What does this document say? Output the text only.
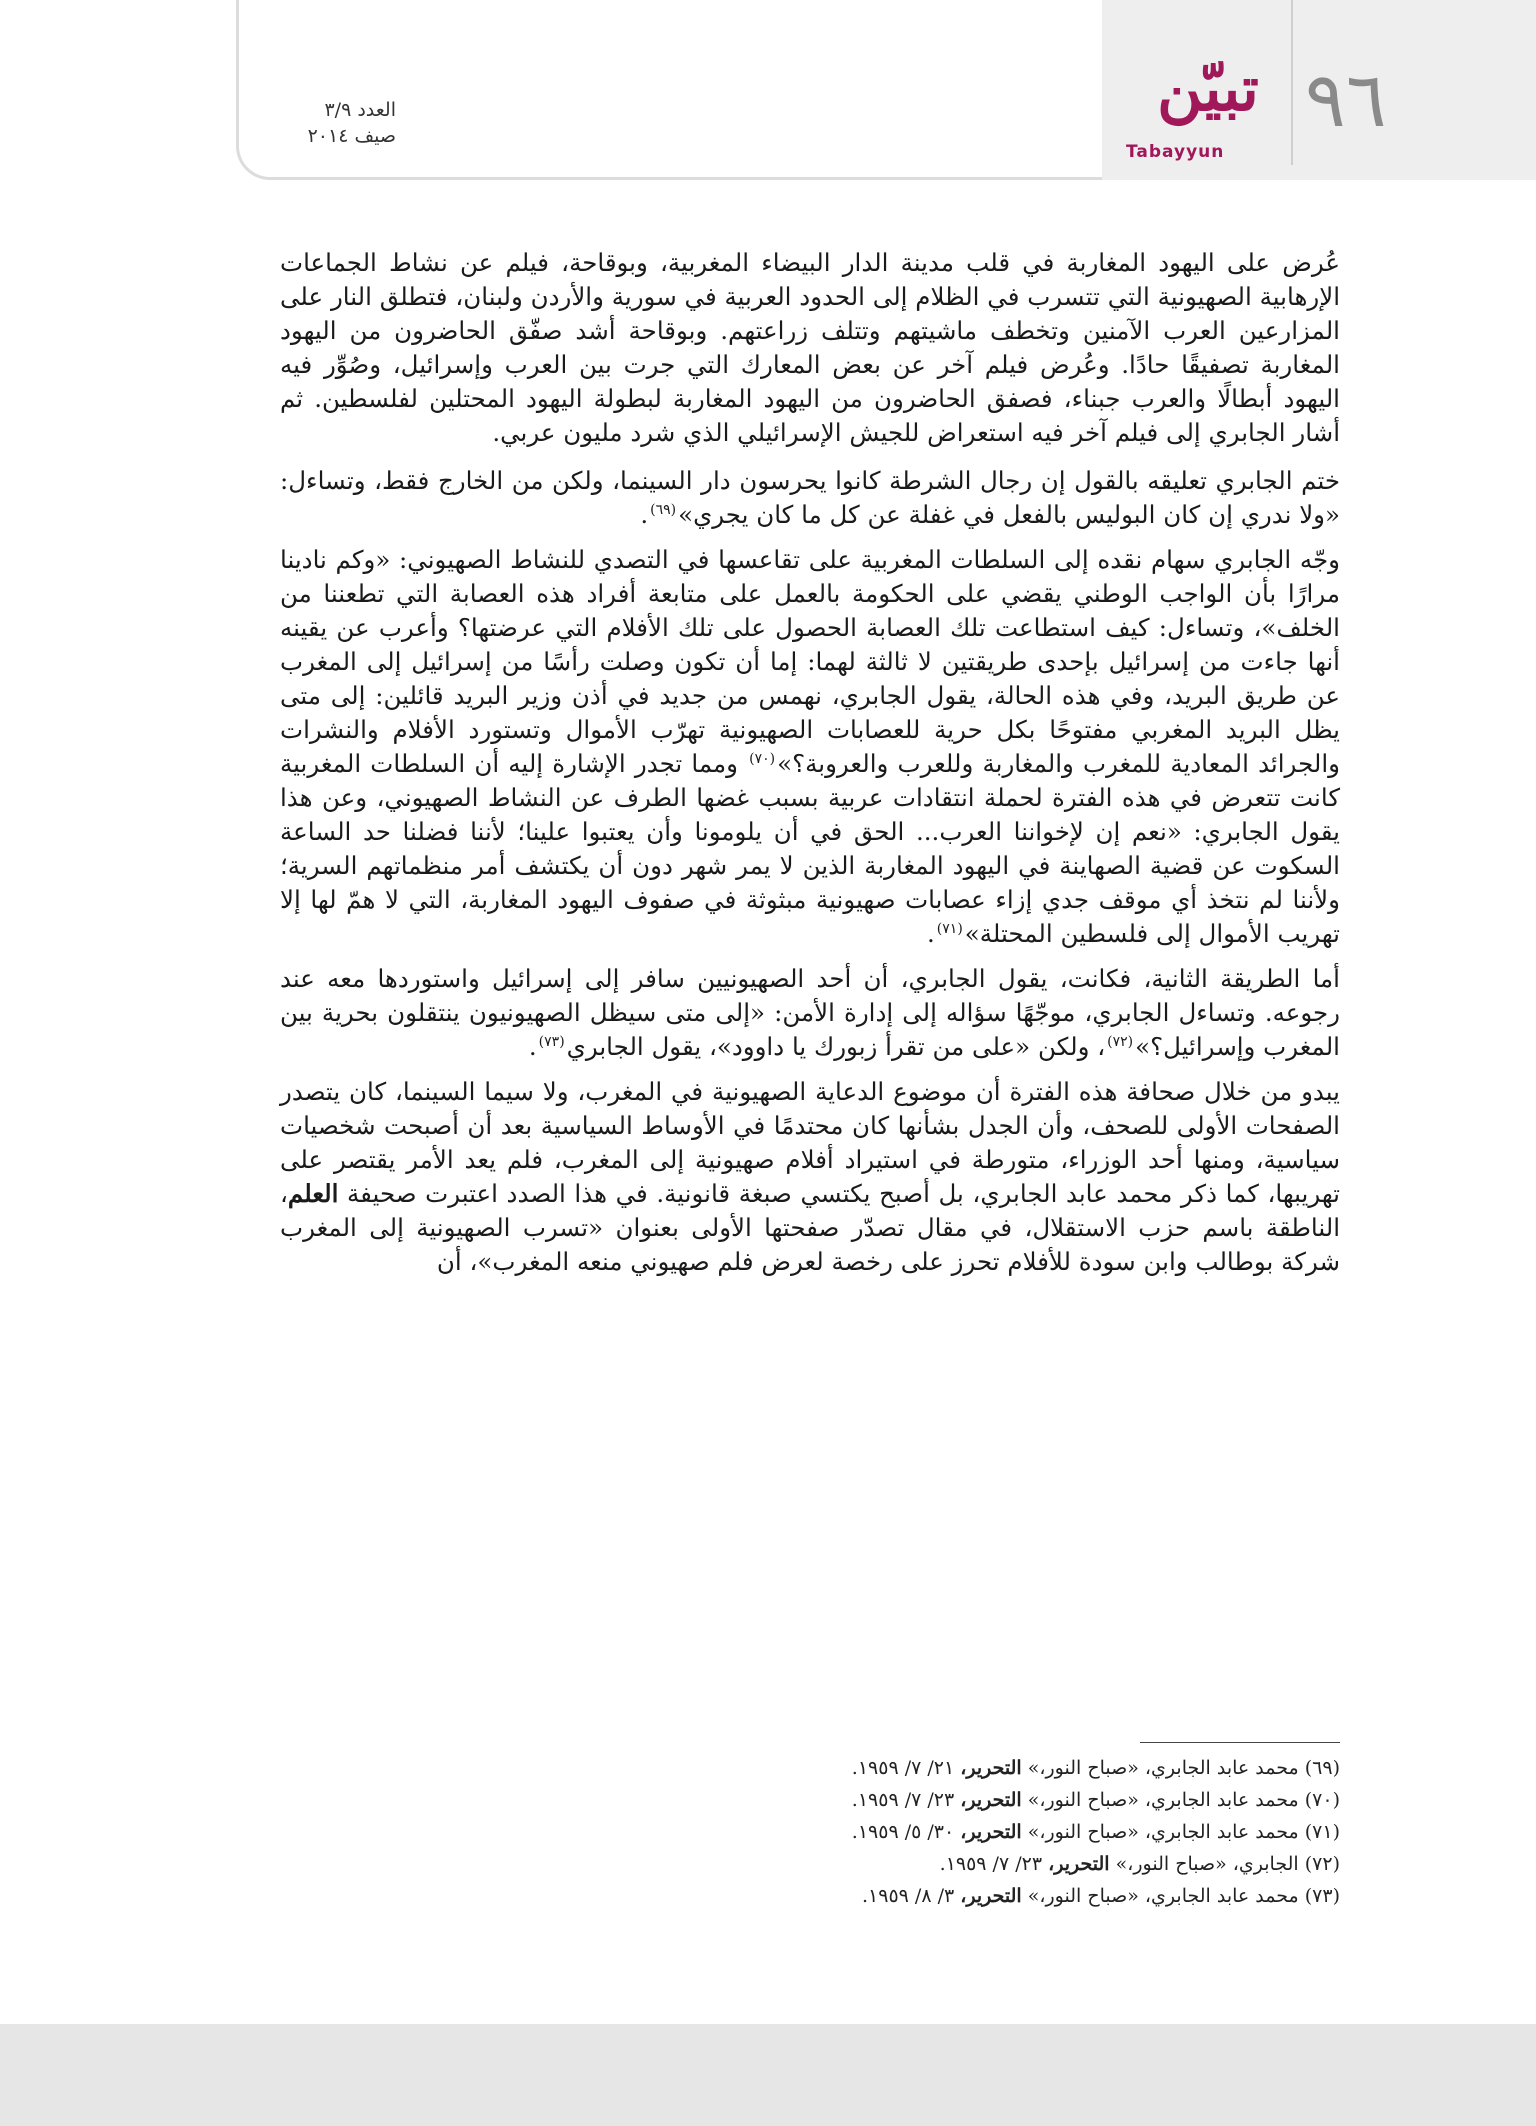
٩٦
تبيّن
Tabayyun
العدد ٣/٩
صيف ٢٠١٤

عُرض على اليهود المغاربة في قلب مدينة الدار البيضاء المغربية، وبوقاحة، فيلم عن نشاط الجماعات الإرهابية الصهيونية التي تتسرب في الظلام إلى الحدود العربية في سورية والأردن ولبنان، فتطلق النار على المزارعين العرب الآمنين وتخطف ماشيتهم وتتلف زراعتهم. وبوقاحة أشد صفّق الحاضرون من اليهود المغاربة تصفيقًا حادًا. وعُرض فيلم آخر عن بعض المعارك التي جرت بين العرب وإسرائيل، وصُوِّر فيه اليهود أبطالًا والعرب جبناء، فصفق الحاضرون من اليهود المغاربة لبطولة اليهود المحتلين لفلسطين. ثم أشار الجابري إلى فيلم آخر فيه استعراض للجيش الإسرائيلي الذي شرد مليون عربي.

ختم الجابري تعليقه بالقول إن رجال الشرطة كانوا يحرسون دار السينما، ولكن من الخارج فقط، وتساءل: «ولا ندري إن كان البوليس بالفعل في غفلة عن كل ما كان يجري»$^{(٦٩)}$.

وجّه الجابري سهام نقده إلى السلطات المغربية على تقاعسها في التصدي للنشاط الصهيوني: «وكم نادينا مرارًا بأن الواجب الوطني يقضي على الحكومة بالعمل على متابعة أفراد هذه العصابة التي تطعننا من الخلف»، وتساءل: كيف استطاعت تلك العصابة الحصول على تلك الأفلام التي عرضتها؟ وأعرب عن يقينه أنها جاءت من إسرائيل بإحدى طريقتين لا ثالثة لهما: إما أن تكون وصلت رأسًا من إسرائيل إلى المغرب عن طريق البريد، وفي هذه الحالة، يقول الجابري، نهمس من جديد في أذن وزير البريد قائلين: إلى متى يظل البريد المغربي مفتوحًا بكل حرية للعصابات الصهيونية تهرّب الأموال وتستورد الأفلام والنشرات والجرائد المعادية للمغرب والمغاربة وللعرب والعروبة؟»$^{(٧٠)}$ ومما تجدر الإشارة إليه أن السلطات المغربية كانت تتعرض في هذه الفترة لحملة انتقادات عربية بسبب غضها الطرف عن النشاط الصهيوني، وعن هذا يقول الجابري: «نعم إن لإخواننا العرب... الحق في أن يلومونا وأن يعتبوا علينا؛ لأننا فضلنا حد الساعة السكوت عن قضية الصهاينة في اليهود المغاربة الذين لا يمر شهر دون أن يكتشف أمر منظماتهم السرية؛ ولأننا لم نتخذ أي موقف جدي إزاء عصابات صهيونية مبثوثة في صفوف اليهود المغاربة، التي لا همّ لها إلا تهريب الأموال إلى فلسطين المحتلة»$^{(٧١)}$.

أما الطريقة الثانية، فكانت، يقول الجابري، أن أحد الصهيونيين سافر إلى إسرائيل واستوردها معه عند رجوعه. وتساءل الجابري، موجّهًا سؤاله إلى إدارة الأمن: «إلى متى سيظل الصهيونيون ينتقلون بحرية بين المغرب وإسرائيل؟»$^{(٧٢)}$، ولكن «على من تقرأ زبورك يا داوود»، يقول الجابري$^{(٧٣)}$.

يبدو من خلال صحافة هذه الفترة أن موضوع الدعاية الصهيونية في المغرب، ولا سيما السينما، كان يتصدر الصفحات الأولى للصحف، وأن الجدل بشأنها كان محتدمًا في الأوساط السياسية بعد أن أصبحت شخصيات سياسية، ومنها أحد الوزراء، متورطة في استيراد أفلام صهيونية إلى المغرب، فلم يعد الأمر يقتصر على تهريبها، كما ذكر محمد عابد الجابري، بل أصبح يكتسي صبغة قانونية. في هذا الصدد اعتبرت صحيفة العلم، الناطقة باسم حزب الاستقلال، في مقال تصدّر صفحتها الأولى بعنوان «تسرب الصهيونية إلى المغرب شركة بوطالب وابن سودة للأفلام تحرز على رخصة لعرض فلم صهيوني منعه المغرب»، أن

(٦٩) محمد عابد الجابري، «صباح النور،» التحرير، ٢١/ ٧/ ١٩٥٩.
(٧٠) محمد عابد الجابري، «صباح النور،» التحرير، ٢٣/ ٧/ ١٩٥٩.
(٧١) محمد عابد الجابري، «صباح النور،» التحرير، ٣٠/ ٥/ ١٩٥٩.
(٧٢) الجابري، «صباح النور،» التحرير، ٢٣/ ٧/ ١٩٥٩.
(٧٣) محمد عابد الجابري، «صباح النور،» التحرير، ٣/ ٨/ ١٩٥٩.
